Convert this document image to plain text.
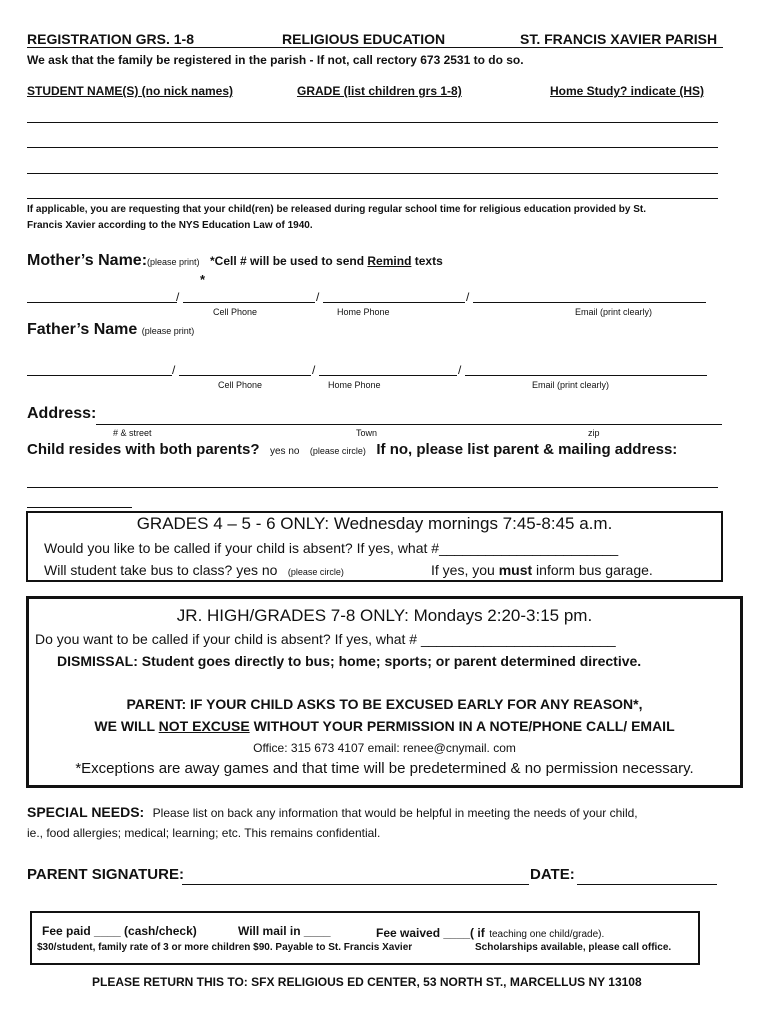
REGISTRATION GRS. 1-8	RELIGIOUS EDUCATION	ST. FRANCIS XAVIER PARISH
We ask that the family be registered in the parish - If not, call rectory 673 2531 to do so.
STUDENT NAME(S) (no nick names)	GRADE (list children grs 1-8)	Home Study? indicate (HS)
If applicable, you are requesting that your child(ren) be released during regular school time for religious education provided by St.
Francis Xavier according to the NYS Education Law of 1940.
Mother’s Name:(please print) *Cell # will be used to send Remind texts
*
/	/	/
Cell Phone	Home Phone	Email (print clearly)
Father’s Name (please print)
/	/	/
Cell Phone	Home Phone	Email (print clearly)
Address:
# & street	Town	zip
Child resides with both parents? yes no (please circle) If no, please list parent & mailing address:
GRADES 4 – 5 - 6 ONLY: Wednesday mornings 7:45-8:45 a.m.
Would you like to be called if your child is absent? If yes, what #_______________________
Will student take bus to class? yes no (please circle)	If yes, you must inform bus garage.
JR. HIGH/GRADES 7-8 ONLY: Mondays 2:20-3:15 pm.
Do you want to be called if your child is absent? If yes, what # _________________________
DISMISSAL: Student goes directly to bus; home; sports; or parent determined directive.
PARENT: IF YOUR CHILD ASKS TO BE EXCUSED EARLY FOR ANY REASON*,
WE WILL NOT EXCUSE WITHOUT YOUR PERMISSION IN A NOTE/PHONE CALL/ EMAIL
Office: 315 673 4107 email: renee@cnymail. com
*Exceptions are away games and that time will be predetermined & no permission necessary.
SPECIAL NEEDS: Please list on back any information that would be helpful in meeting the needs of your child,
ie., food allergies; medical; learning; etc. This remains confidential.
PARENT SIGNATURE:	DATE:
Fee paid ____ (cash/check)	Will mail in ____	Fee waived ____( if teaching one child/grade).
$30/student, family rate of 3 or more children $90. Payable to St. Francis Xavier	Scholarships available, please call office.
PLEASE RETURN THIS TO: SFX RELIGIOUS ED CENTER, 53 NORTH ST., MARCELLUS NY 13108
